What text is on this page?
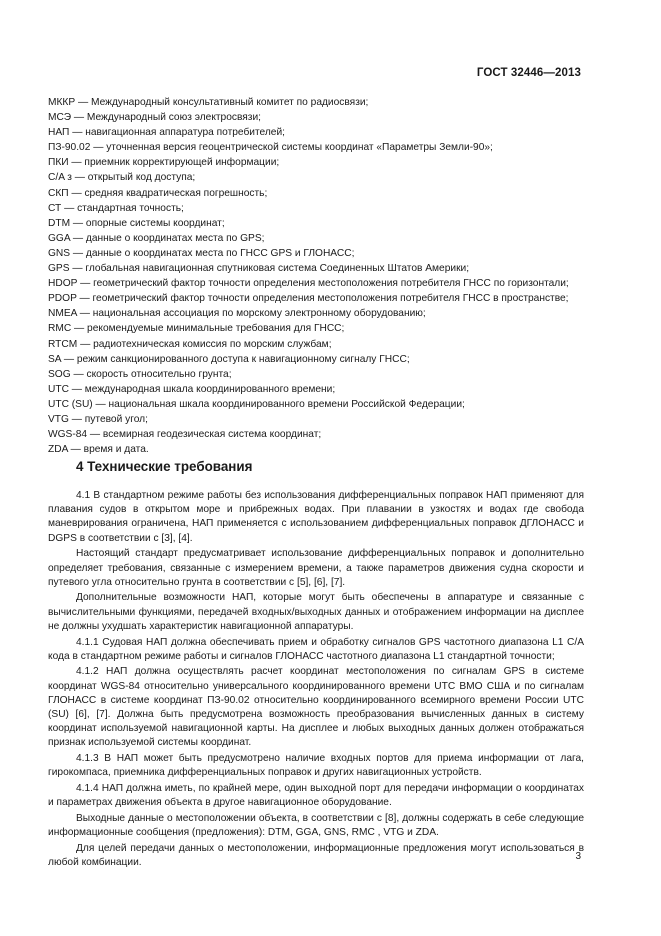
ГОСТ 32446—2013
МККР — Международный консультативный комитет по радиосвязи;
МСЭ — Международный союз электросвязи;
НАП — навигационная аппаратура потребителей;
ПЗ-90.02 — уточненная версия геоцентрической системы координат «Параметры Земли-90»;
ПКИ — приемник корректирующей информации;
C/A з — открытый код доступа;
СКП — средняя квадратическая погрешность;
СТ — стандартная точность;
DTM — опорные системы координат;
GGA — данные о координатах места по GPS;
GNS — данные о координатах места по ГНСС GPS и ГЛОНАСС;
GPS — глобальная навигационная спутниковая система Соединенных Штатов Америки;
HDOP — геометрический фактор точности определения местоположения потребителя ГНСС по горизонтали;
PDOP — геометрический фактор точности определения местоположения потребителя ГНСС в пространстве;
NMEA — национальная ассоциация по морскому электронному оборудованию;
RMC — рекомендуемые минимальные требования для ГНСС;
RTCM — радиотехническая комиссия по морским службам;
SA — режим санкционированного доступа к навигационному сигналу ГНСС;
SOG — скорость относительно грунта;
UTC — международная шкала координированного времени;
UTC (SU) — национальная шкала координированного времени Российской Федерации;
VTG — путевой угол;
WGS-84 — всемирная геодезическая система координат;
ZDA — время и дата.
4 Технические требования

4.1 В стандартном режиме работы без использования дифференциальных поправок НАП применяют для плавания судов в открытом море и прибрежных водах. При плавании в узкостях и водах где свобода маневрирования ограничена, НАП применяется с использованием дифференциальных поправок ДГЛОНАСС и DGPS в соответствии с [3], [4].

Настоящий стандарт предусматривает использование дифференциальных поправок и дополнительно определяет требования, связанные с измерением времени, а также параметров движения судна скорости и путевого угла относительно грунта в соответствии с [5], [6], [7].

Дополнительные возможности НАП, которые могут быть обеспечены в аппаратуре и связанные с вычислительными функциями, передачей входных/выходных данных и отображением информации на дисплее не должны ухудшать характеристик навигационной аппаратуры.

4.1.1 Судовая НАП должна обеспечивать прием и обработку сигналов GPS частотного диапазона L1 C/A кода в стандартном режиме работы и сигналов ГЛОНАСС частотного диапазона L1 стандартной точности;

4.1.2 НАП должна осуществлять расчет координат местоположения по сигналам GPS в системе координат WGS-84 относительно универсального координированного времени UTC ВМО США и по сигналам ГЛОНАСС в системе координат ПЗ-90.02 относительно координированного всемирного времени России UTC (SU) [6], [7]. Должна быть предусмотрена возможность преобразования вычисленных данных в систему координат используемой навигационной карты. На дисплее и любых выходных данных должен отображаться признак используемой системы координат.

4.1.3 В НАП может быть предусмотрено наличие входных портов для приема информации от лага, гирокомпаса, приемника дифференциальных поправок и других навигационных устройств.

4.1.4 НАП должна иметь, по крайней мере, один выходной порт для передачи информации о координатах и параметрах движения объекта в другое навигационное оборудование.

Выходные данные о местоположении объекта, в соответствии с [8], должны содержать в себе следующие информационные сообщения (предложения): DTM, GGA, GNS, RMC , VTG и ZDA.

Для целей передачи данных о местоположении, информационные предложения могут использоваться в любой комбинации.

3
